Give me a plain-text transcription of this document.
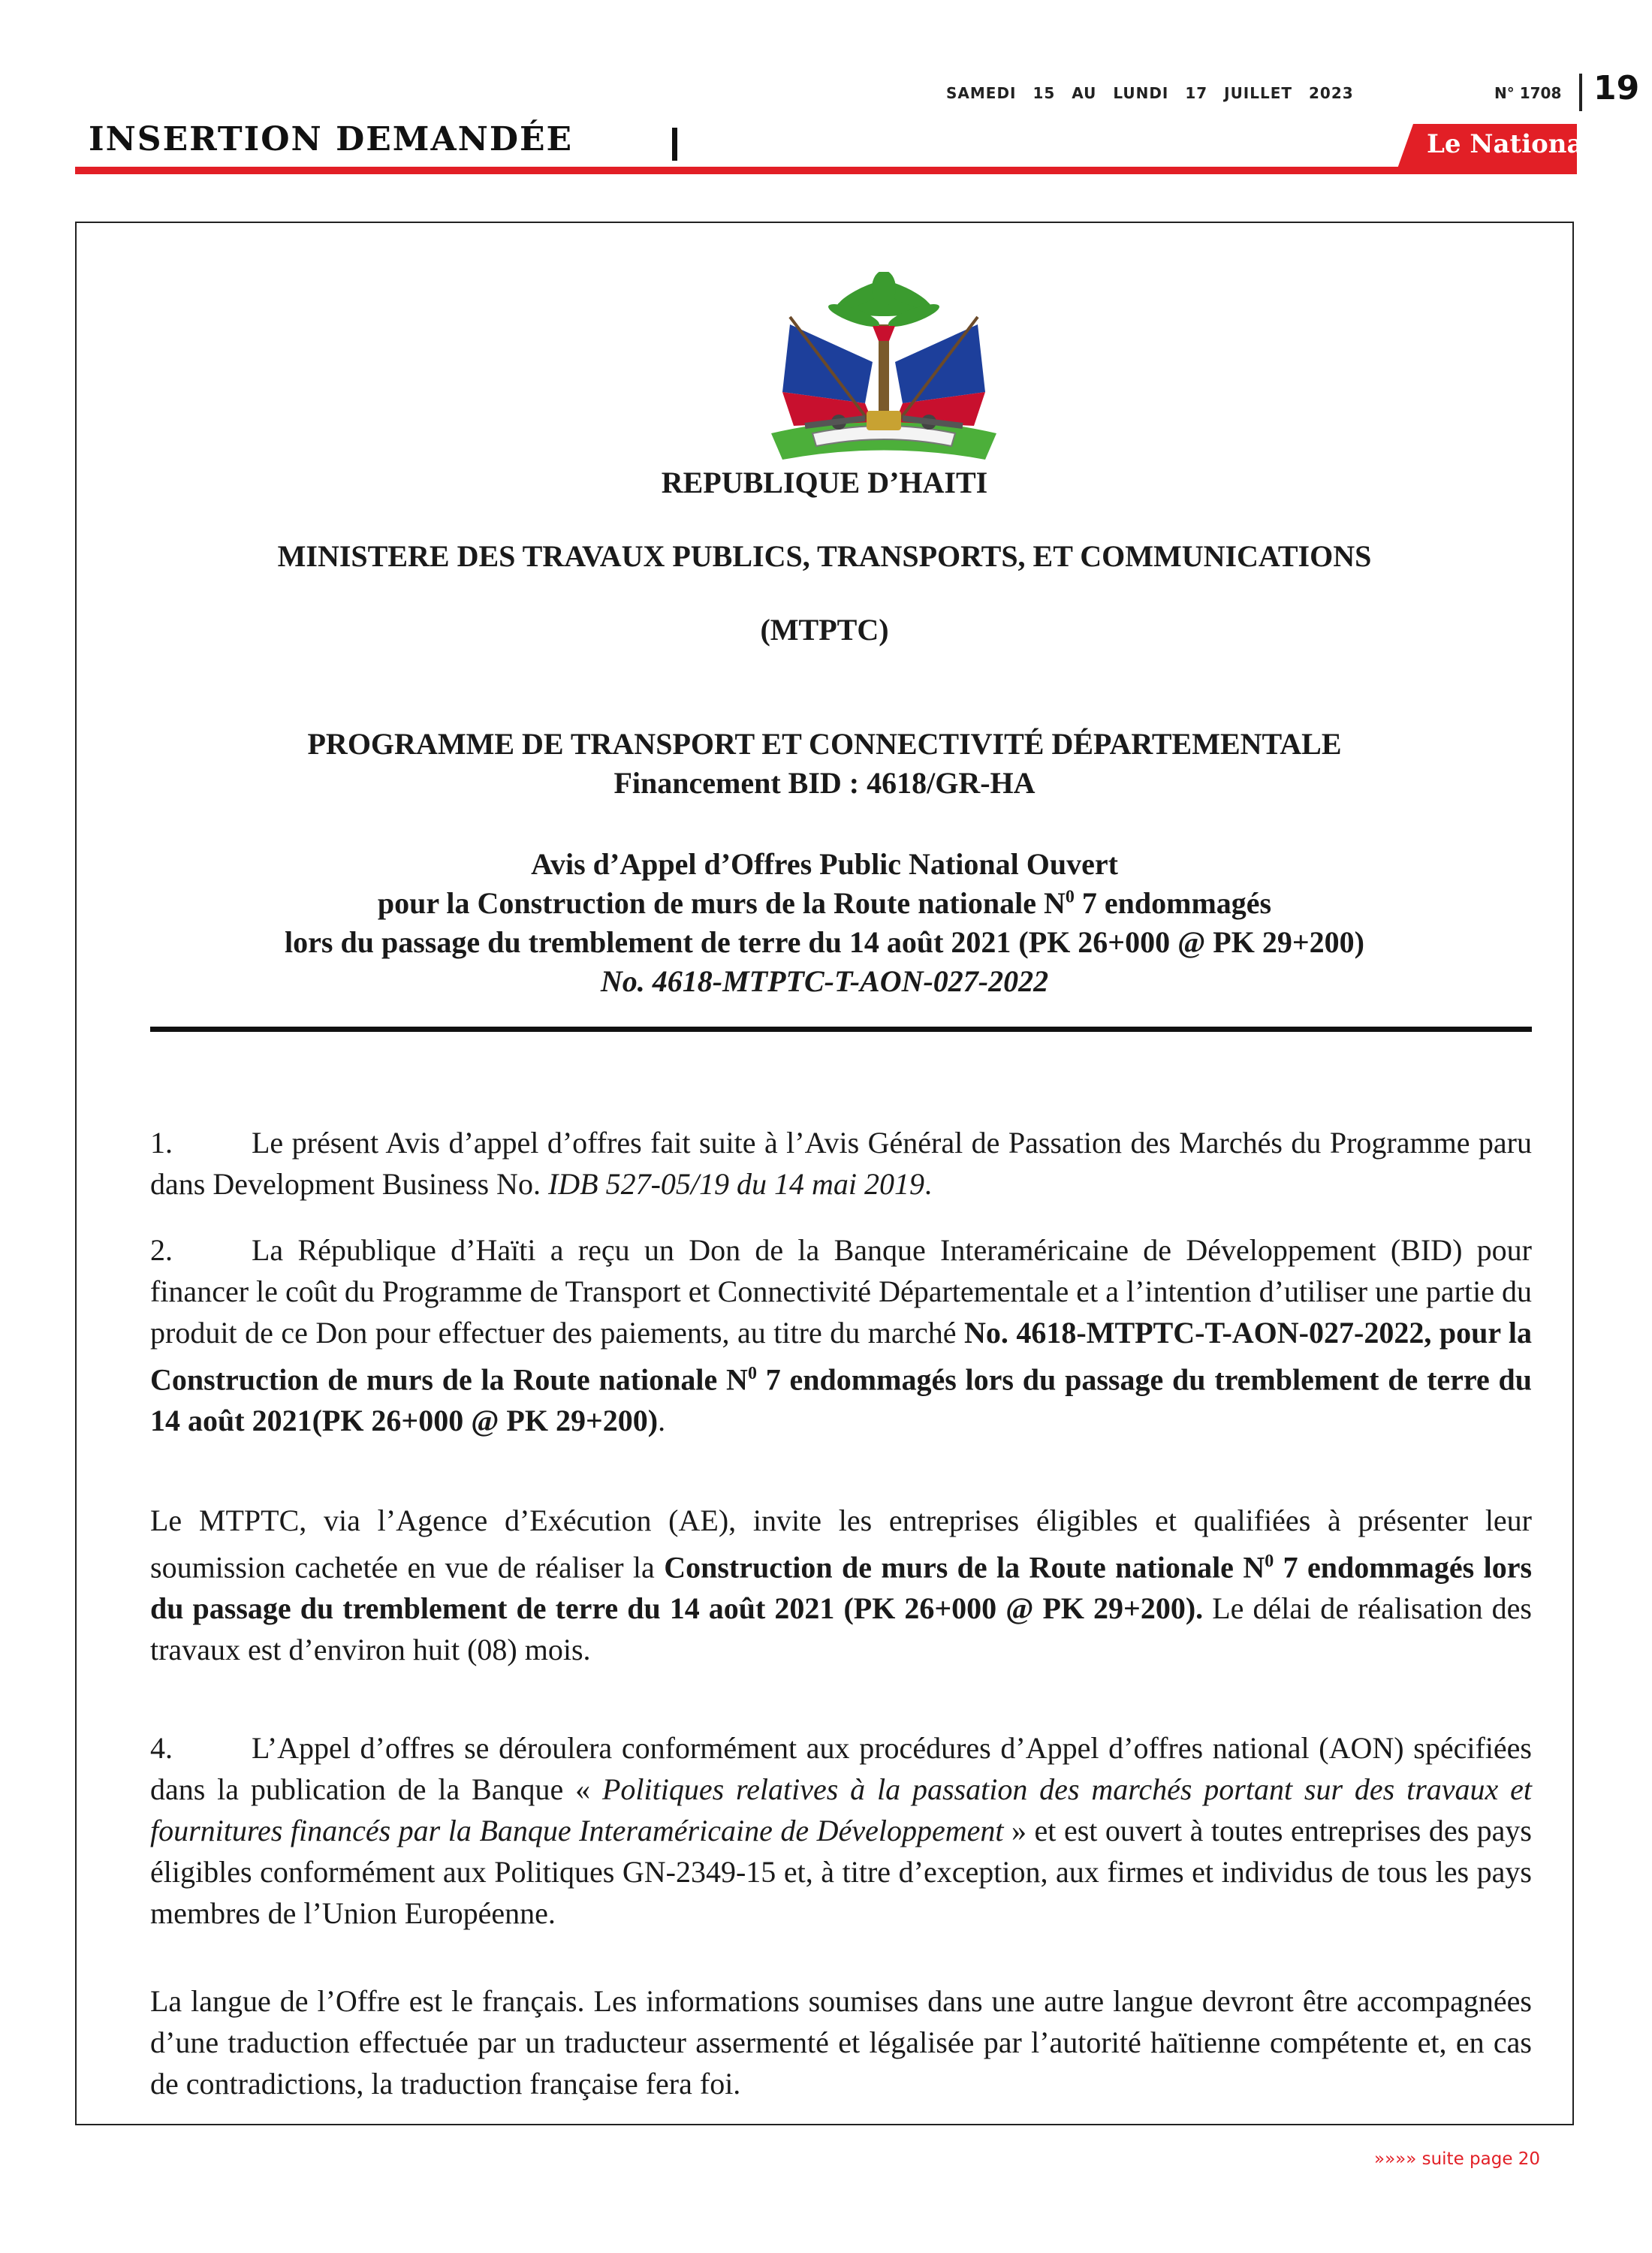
SAMEDI 15 AU LUNDI 17 JUILLET 2023	N° 1708 19
INSERTION DEMANDÉE	Le National
REPUBLIQUE D’HAITI
MINISTERE DES TRAVAUX PUBLICS, TRANSPORTS, ET COMMUNICATIONS
(MTPTC)
PROGRAMME DE TRANSPORT ET CONNECTIVITÉ DÉPARTEMENTALE
Financement BID : 4618/GR-HA
Avis d’Appel d’Offres Public National Ouvert
pour la Construction de murs de la Route nationale $N^0$ 7 endommagés
lors du passage du tremblement de terre du 14 août 2021 (PK 26+000 @ PK 29+200)
No. 4618-MTPTC-T-AON-027-2022
1.	Le présent Avis d’appel d’offres fait suite à l’Avis Général de Passation des Marchés du Programme paru dans Development Business No. IDB 527-05/19 du 14 mai 2019.
2.	La République d’Haïti a reçu un Don de la Banque Interaméricaine de Développement (BID) pour financer le coût du Programme de Transport et Connectivité Départementale et a l’intention d’utiliser une partie du produit de ce Don pour effectuer des paiements, au titre du marché No. 4618-MTPTC-T-AON-027-2022, pour la Construction de murs de la Route nationale $N^0$ 7 endommagés lors du passage du tremblement de terre du 14 août 2021(PK 26+000 @ PK 29+200).
Le MTPTC, via l’Agence d’Exécution (AE), invite les entreprises éligibles et qualifiées à présenter leur soumission cachetée en vue de réaliser la Construction de murs de la Route nationale $N^0$ 7 endommagés lors du passage du tremblement de terre du 14 août 2021 (PK 26+000 @ PK 29+200). Le délai de réalisation des travaux est d’environ huit (08) mois.
4.	L’Appel d’offres se déroulera conformément aux procédures d’Appel d’offres national (AON) spécifiées dans la publication de la Banque « Politiques relatives à la passation des marchés portant sur des travaux et fournitures financés par la Banque Interaméricaine de Développement » et est ouvert à toutes entreprises des pays éligibles conformément aux Politiques GN-2349-15 et, à titre d’exception, aux firmes et individus de tous les pays membres de l’Union Européenne.
La langue de l’Offre est le français. Les informations soumises dans une autre langue devront être accompagnées d’une traduction effectuée par un traducteur assermenté et légalisée par l’autorité haïtienne compétente et, en cas de contradictions, la traduction française fera foi.
»»»» suite page 20
